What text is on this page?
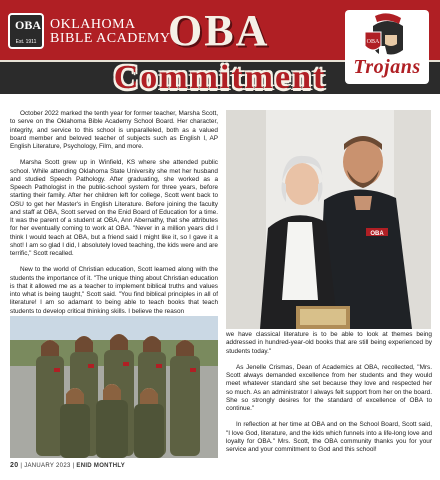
OBA
Est. 1911
OKLAHOMA
BIBLE ACADEMY
OBA	OBA
Trojans
Commitment

October 2022 marked the tenth year for former teacher, Marsha Scott, to serve on the Oklahoma Bible Academy School Board. Her character, integrity, and service to this school is unparalleled, both as a valued board member and beloved teacher of subjects such as English I, AP English Literature, Psychology, Film, and more.

Marsha Scott grew up in Winfield, KS where she attended public school. While attending Oklahoma State University she met her husband and studied Speech Pathology. After graduating, she worked as a Speech Pathologist in the public-school system for three years, before starting their family. After her children left for college, Scott went back to OSU to get her Master's in English Literature. Before joining the faculty and staff at OBA, Scott served on the Enid Board of Education for a time. It was the parent of a student at OBA, Ann Abernathy, that she attributes for her eventually coming to work at OBA. "Never in a million years did I think I would teach at OBA, but a friend said I might like it, so I gave it a shot! I am so glad I did, I absolutely loved teaching, the kids were and are terrific," Scott recalled.

New to the world of Christian education, Scott learned along with the students the importance of it. "The unique thing about Christian education is that it allowed me as a teacher to implement biblical truths and values into what is being taught," Scott said. "You find biblical principles in all of literature! I am so adamant to being able to teach books that teach students to develop critical thinking skills. I believe the reason

OBA

we have classical literature is to be able to look at themes being addressed in hundred-year-old books that are still being experienced by students today."

As Jenelle Crismas, Dean of Academics at OBA, recollected, "Mrs. Scott always demanded excellence from her students and they would meet whatever standard she set because they love and respected her so much. As an administrator I always felt support from her on the board. She so strongly desires for the standard of excellence of OBA to continue."

In reflection at her time at OBA and on the School Board, Scott said, "I love God, literature, and the kids which funnels into a life-long love and loyalty for OBA." Mrs. Scott, the OBA community thanks you for your service and your commitment to God and this school!

20 | JANUARY 2023 | ENID MONTHLY
